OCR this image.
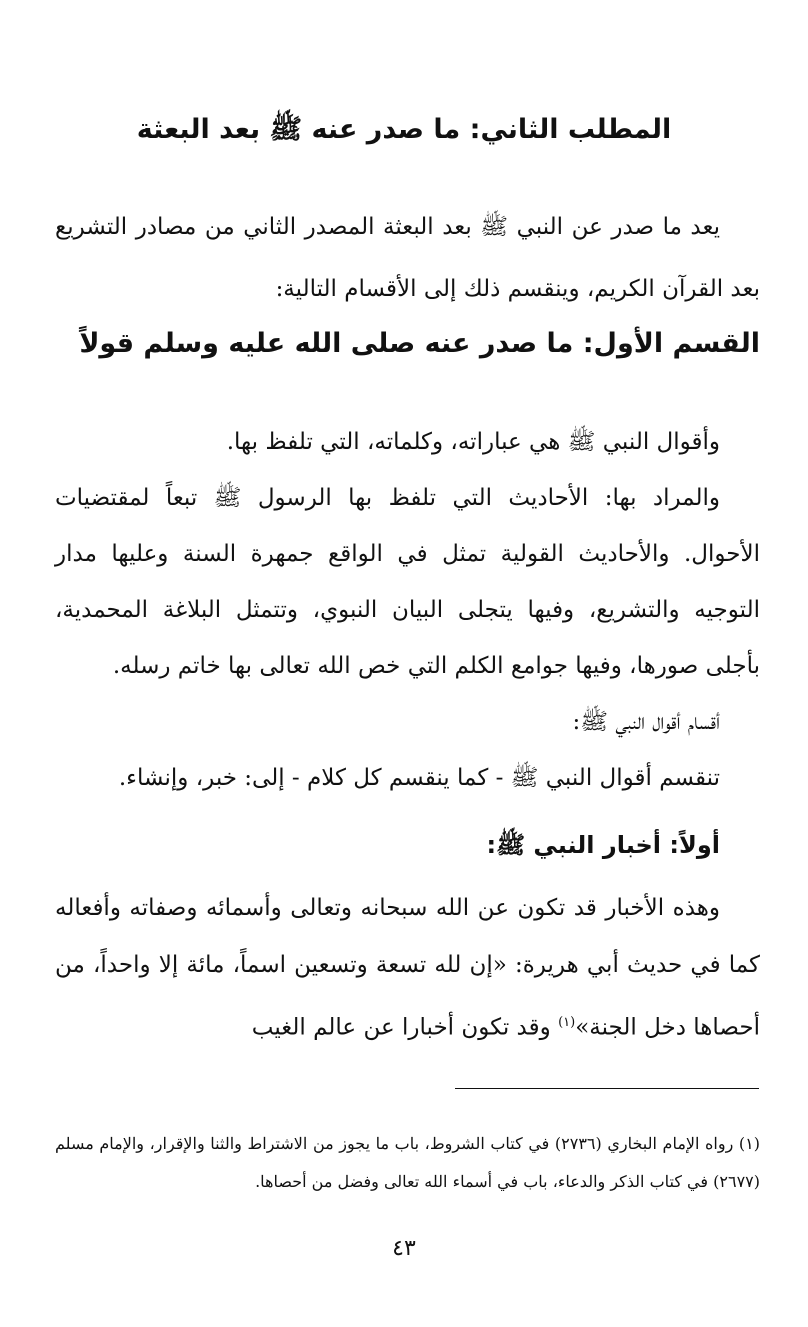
المطلب الثاني: ما صدر عنه ﷺ بعد البعثة
يعد ما صدر عن النبي ﷺ بعد البعثة المصدر الثاني من مصادر التشريع بعد القرآن الكريم، وينقسم ذلك إلى الأقسام التالية:
القسم الأول: ما صدر عنه صلى الله عليه وسلم قولاً
وأقوال النبي ﷺ هي عباراته، وكلماته، التي تلفظ بها.
والمراد بها: الأحاديث التي تلفظ بها الرسول ﷺ تبعاً لمقتضيات الأحوال. والأحاديث القولية تمثل في الواقع جمهرة السنة وعليها مدار التوجيه والتشريع، وفيها يتجلى البيان النبوي، وتتمثل البلاغة المحمدية، بأجلى صورها، وفيها جوامع الكلم التي خص الله تعالى بها خاتم رسله.
أقسام أقوال النبي ﷺ:
تنقسم أقوال النبي ﷺ - كما ينقسم كل كلام - إلى: خبر، وإنشاء.
أولاً: أخبار النبي ﷺ:
وهذه الأخبار قد تكون عن الله سبحانه وتعالى وأسمائه وصفاته وأفعاله كما في حديث أبي هريرة: «إن لله تسعة وتسعين اسماً، مائة إلا واحداً، من أحصاها دخل الجنة»$^{(١)}$ وقد تكون أخبارا عن عالم الغيب
(١) رواه الإمام البخاري (٢٧٣٦) في كتاب الشروط، باب ما يجوز من الاشتراط والثنا والإقرار، والإمام مسلم (٢٦٧٧) في كتاب الذكر والدعاء، باب في أسماء الله تعالى وفضل من أحصاها.
٤٣
